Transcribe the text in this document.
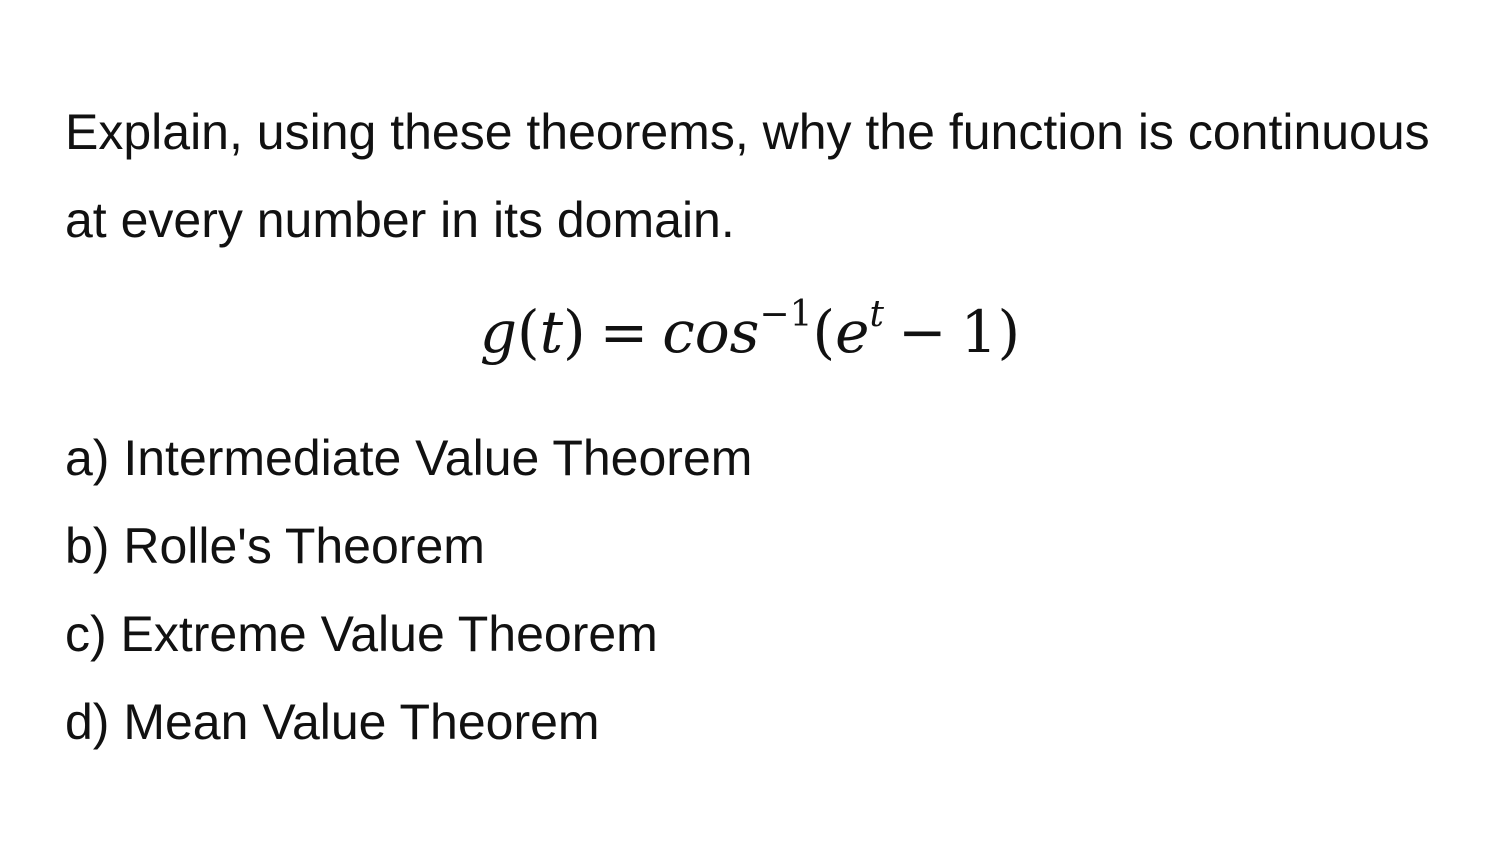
Explain, using these theorems, why the function is continuous at every number in its domain.

$g(t) = \cos^{-1}(e^t - 1)$
a) Intermediate Value Theorem
b) Rolle's Theorem
c) Extreme Value Theorem
d) Mean Value Theorem
